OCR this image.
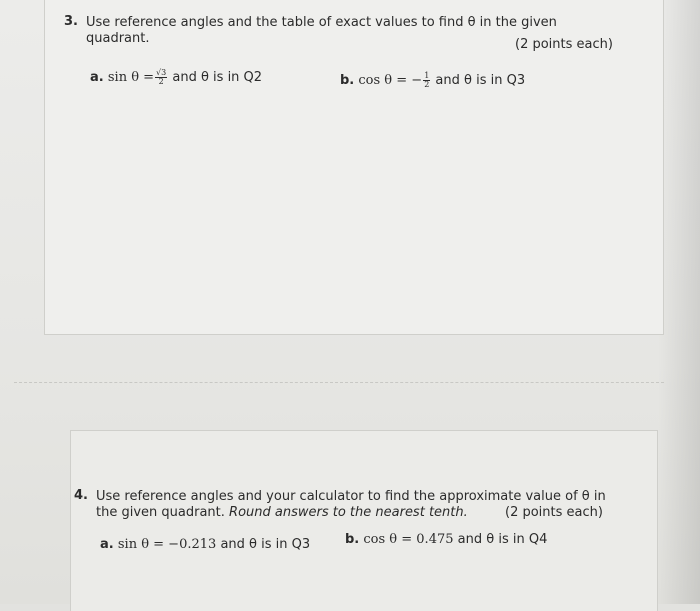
3. Use reference angles and the table of exact values to find θ in the given
quadrant.	(2 points each)
a. $\sin \theta = \frac{√3}{2}$ and θ is in Q2	b. cos θ = − $\frac{1}{2}$ and θ is in Q3
4. Use reference angles and your calculator to find the approximate value of θ in
the given quadrant. Round answers to the nearest tenth.	(2 points each)
a. sin θ = −0.213 and θ is in Q3	b. cos θ = 0.475 and θ is in Q4
